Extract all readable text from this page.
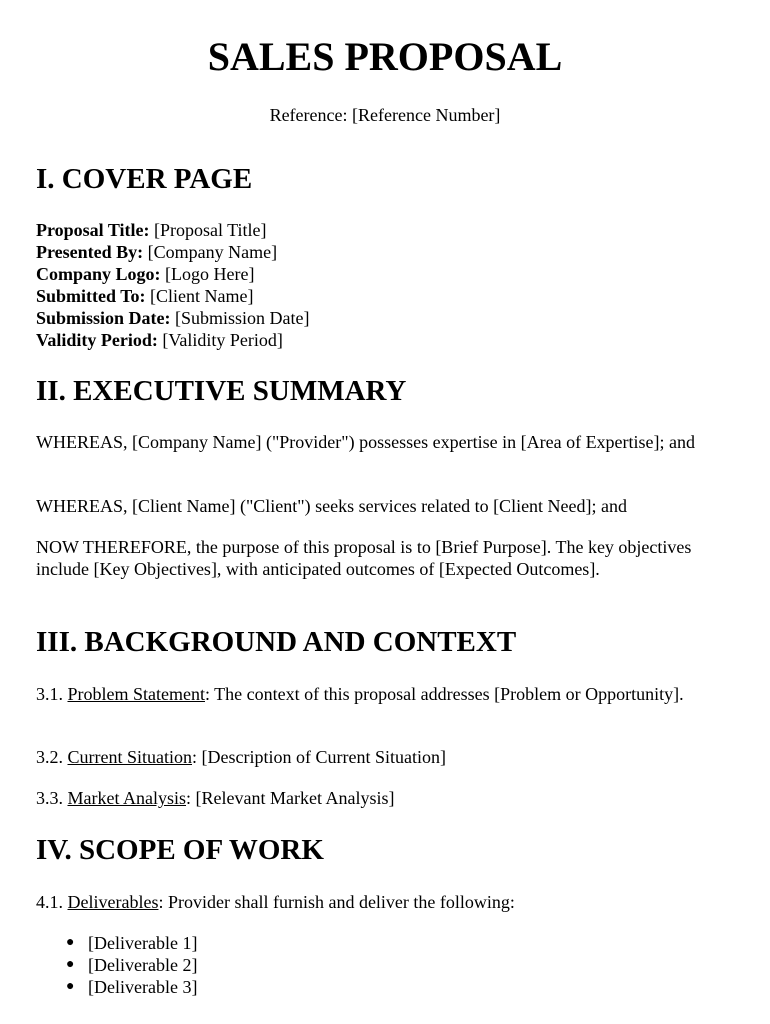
SALES PROPOSAL
Reference: [Reference Number]
I. COVER PAGE
Proposal Title: [Proposal Title]
Presented By: [Company Name]
Company Logo: [Logo Here]
Submitted To: [Client Name]
Submission Date: [Submission Date]
Validity Period: [Validity Period]
II. EXECUTIVE SUMMARY
WHEREAS, [Company Name] ("Provider") possesses expertise in [Area of Expertise]; and
WHEREAS, [Client Name] ("Client") seeks services related to [Client Need]; and
NOW THEREFORE, the purpose of this proposal is to [Brief Purpose]. The key objectives include [Key Objectives], with anticipated outcomes of [Expected Outcomes].
III. BACKGROUND AND CONTEXT
3.1. Problem Statement: The context of this proposal addresses [Problem or Opportunity].
3.2. Current Situation: [Description of Current Situation]
3.3. Market Analysis: [Relevant Market Analysis]
IV. SCOPE OF WORK
4.1. Deliverables: Provider shall furnish and deliver the following:
● [Deliverable 1]
● [Deliverable 2]
● [Deliverable 3]
